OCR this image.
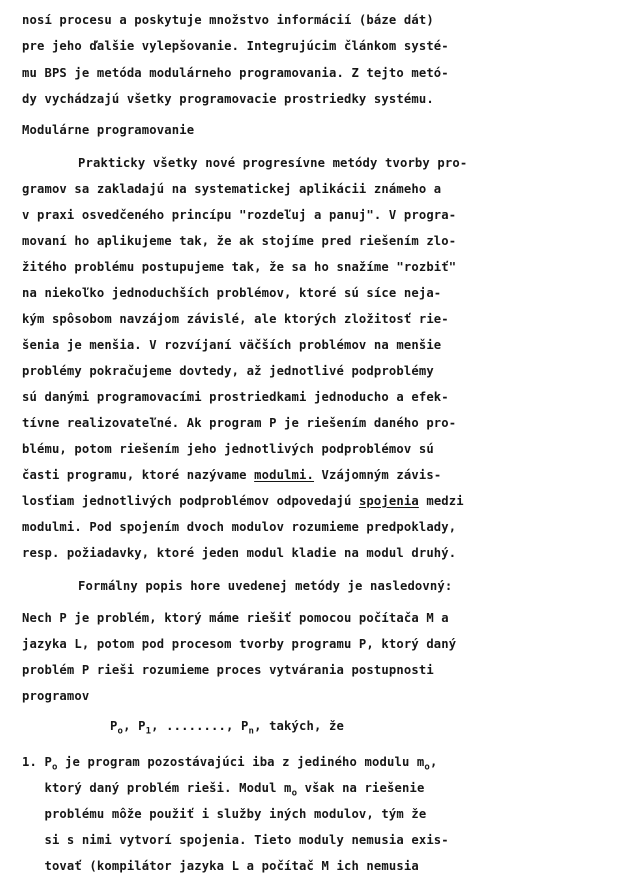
nosí procesu a poskytuje množstvo informácií (báze dát)
pre jeho ďalšie vylepšovanie. Integrujúcim článkom systé-
mu BPS je metóda modulárneho programovania. Z tejto metó-
dy vychádzajú všetky programovacie prostriedky systému.
Modulárne programovanie
Prakticky všetky nové progresívne metódy tvorby pro-
gramov sa zakladajú na systematickej aplikácii známeho a
v praxi osvedčeného princípu "rozdeľuj a panuj". V progra-
movaní ho aplikujeme tak, že ak stojíme pred riešením zlo-
žitého problému postupujeme tak, že sa ho snažíme "rozbiť"
na niekoľko jednoduchších problémov, ktoré sú síce neja-
kým spôsobom navzájom závislé, ale ktorých zložitosť rie-
šenia je menšia. V rozvíjaní väčších problémov na menšie
problémy pokračujeme dovtedy, až jednotlivé podproblémy
sú danými programovacími prostriedkami jednoducho a efek-
tívne realizovateľné. Ak program P je riešením daného pro-
blému, potom riešením jeho jednotlivých podproblémov sú
časti programu, ktoré nazývame modulmi. Vzájomným závis-
losťiam jednotlivých podproblémov odpovedajú spojenia medzi
modulmi. Pod spojením dvoch modulov rozumieme predpoklady,
resp. požiadavky, ktoré jeden modul kladie na modul druhý.
Formálny popis hore uvedenej metódy je nasledovný:
Nech P je problém, ktorý máme riešiť pomocou počítača M a
jazyka L, potom pod procesom tvorby programu P, ktorý daný
problém P rieši rozumieme proces vytvárania postupnosti
programov
$P_o$, $P_1$, ........, $P_n$, takých, že
1. $P_o$ je program pozostávajúci iba z jediného modulu $m_o$,
ktorý daný problém rieši. Modul $m_o$ však na riešenie
problému môže použiť i služby iných modulov, tým že
si s nimi vytvorí spojenia. Tieto moduly nemusia exis-
tovať (kompilátor jazyka L a počítač M ich nemusia
